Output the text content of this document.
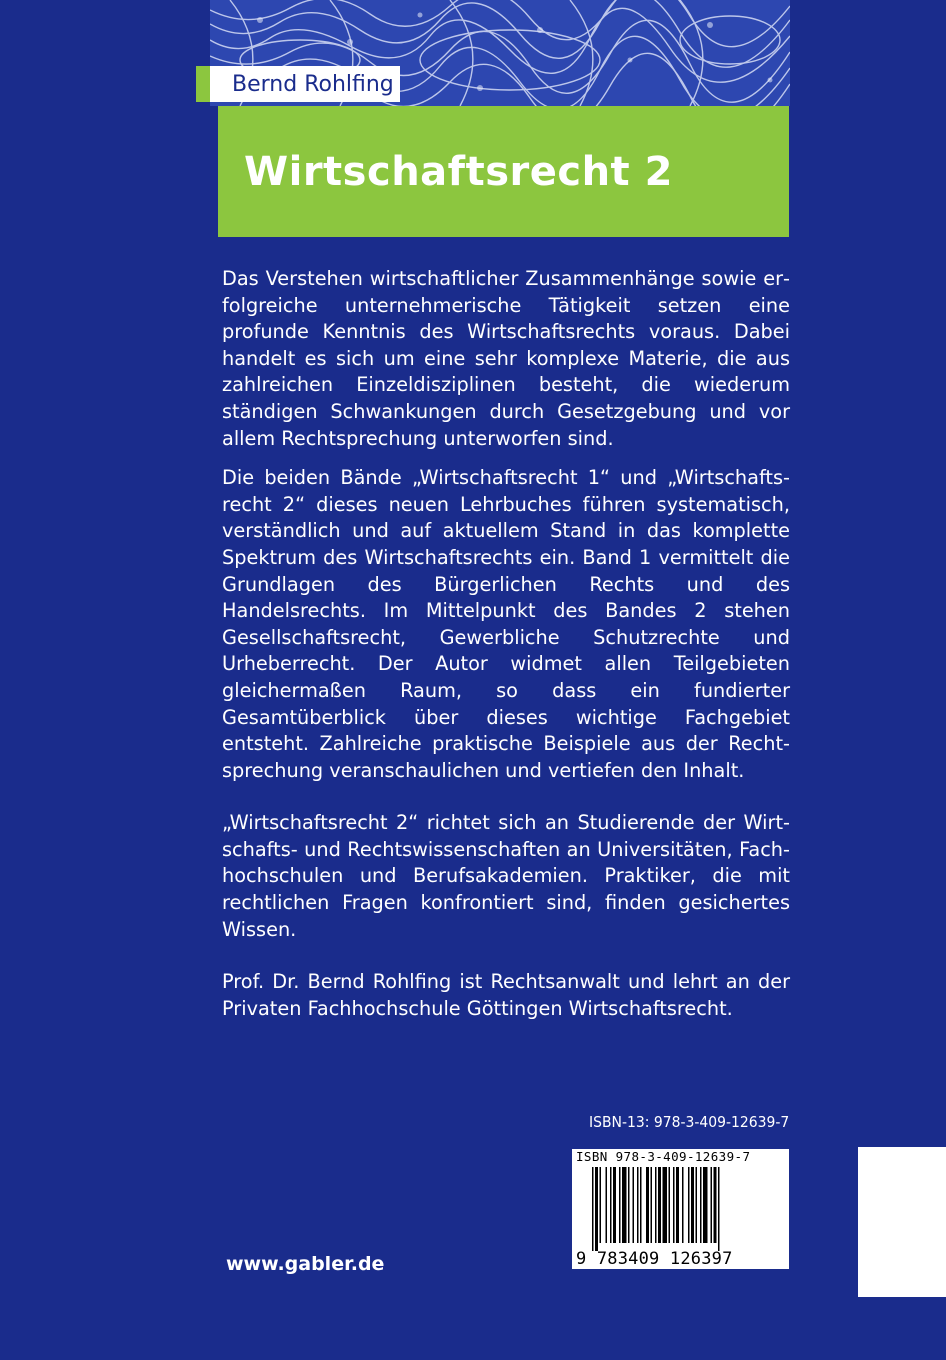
Bernd Rohlfing
Wirtschaftsrecht 2

Das Verstehen wirtschaftlicher Zusammenhänge sowie erfolgreiche unternehmerische Tätigkeit setzen eine profunde Kenntnis des Wirtschaftsrechts voraus. Dabei handelt es sich um eine sehr komplexe Materie, die aus zahlreichen Einzeldisziplinen besteht, die wiederum ständigen Schwankungen durch Gesetzgebung und vor allem Rechtsprechung unterworfen sind.

Die beiden Bände „Wirtschaftsrecht 1“ und „Wirtschaftsrecht 2“ dieses neuen Lehrbuches führen systematisch, verständlich und auf aktuellem Stand in das komplette Spektrum des Wirtschaftsrechts ein. Band 1 vermittelt die Grundlagen des Bürgerlichen Rechts und des Handelsrechts. Im Mittelpunkt des Bandes 2 stehen Gesellschaftsrecht, Gewerbliche Schutzrechte und Urheberrecht. Der Autor widmet allen Teilgebieten gleichermaßen Raum, so dass ein fundierter Gesamtüberblick über dieses wichtige Fachgebiet entsteht. Zahlreiche praktische Beispiele aus der Rechtsprechung veranschaulichen und vertiefen den Inhalt.

„Wirtschaftsrecht 2“ richtet sich an Studierende der Wirtschafts- und Rechtswissenschaften an Universitäten, Fachhochschulen und Berufsakademien. Praktiker, die mit rechtlichen Fragen konfrontiert sind, finden gesichertes Wissen.

Prof. Dr. Bernd Rohlfing ist Rechtsanwalt und lehrt an der Privaten Fachhochschule Göttingen Wirtschaftsrecht.

ISBN-13: 978-3-409-12639-7
ISBN 978-3-409-12639-7
9 783409 126397
www.gabler.de
